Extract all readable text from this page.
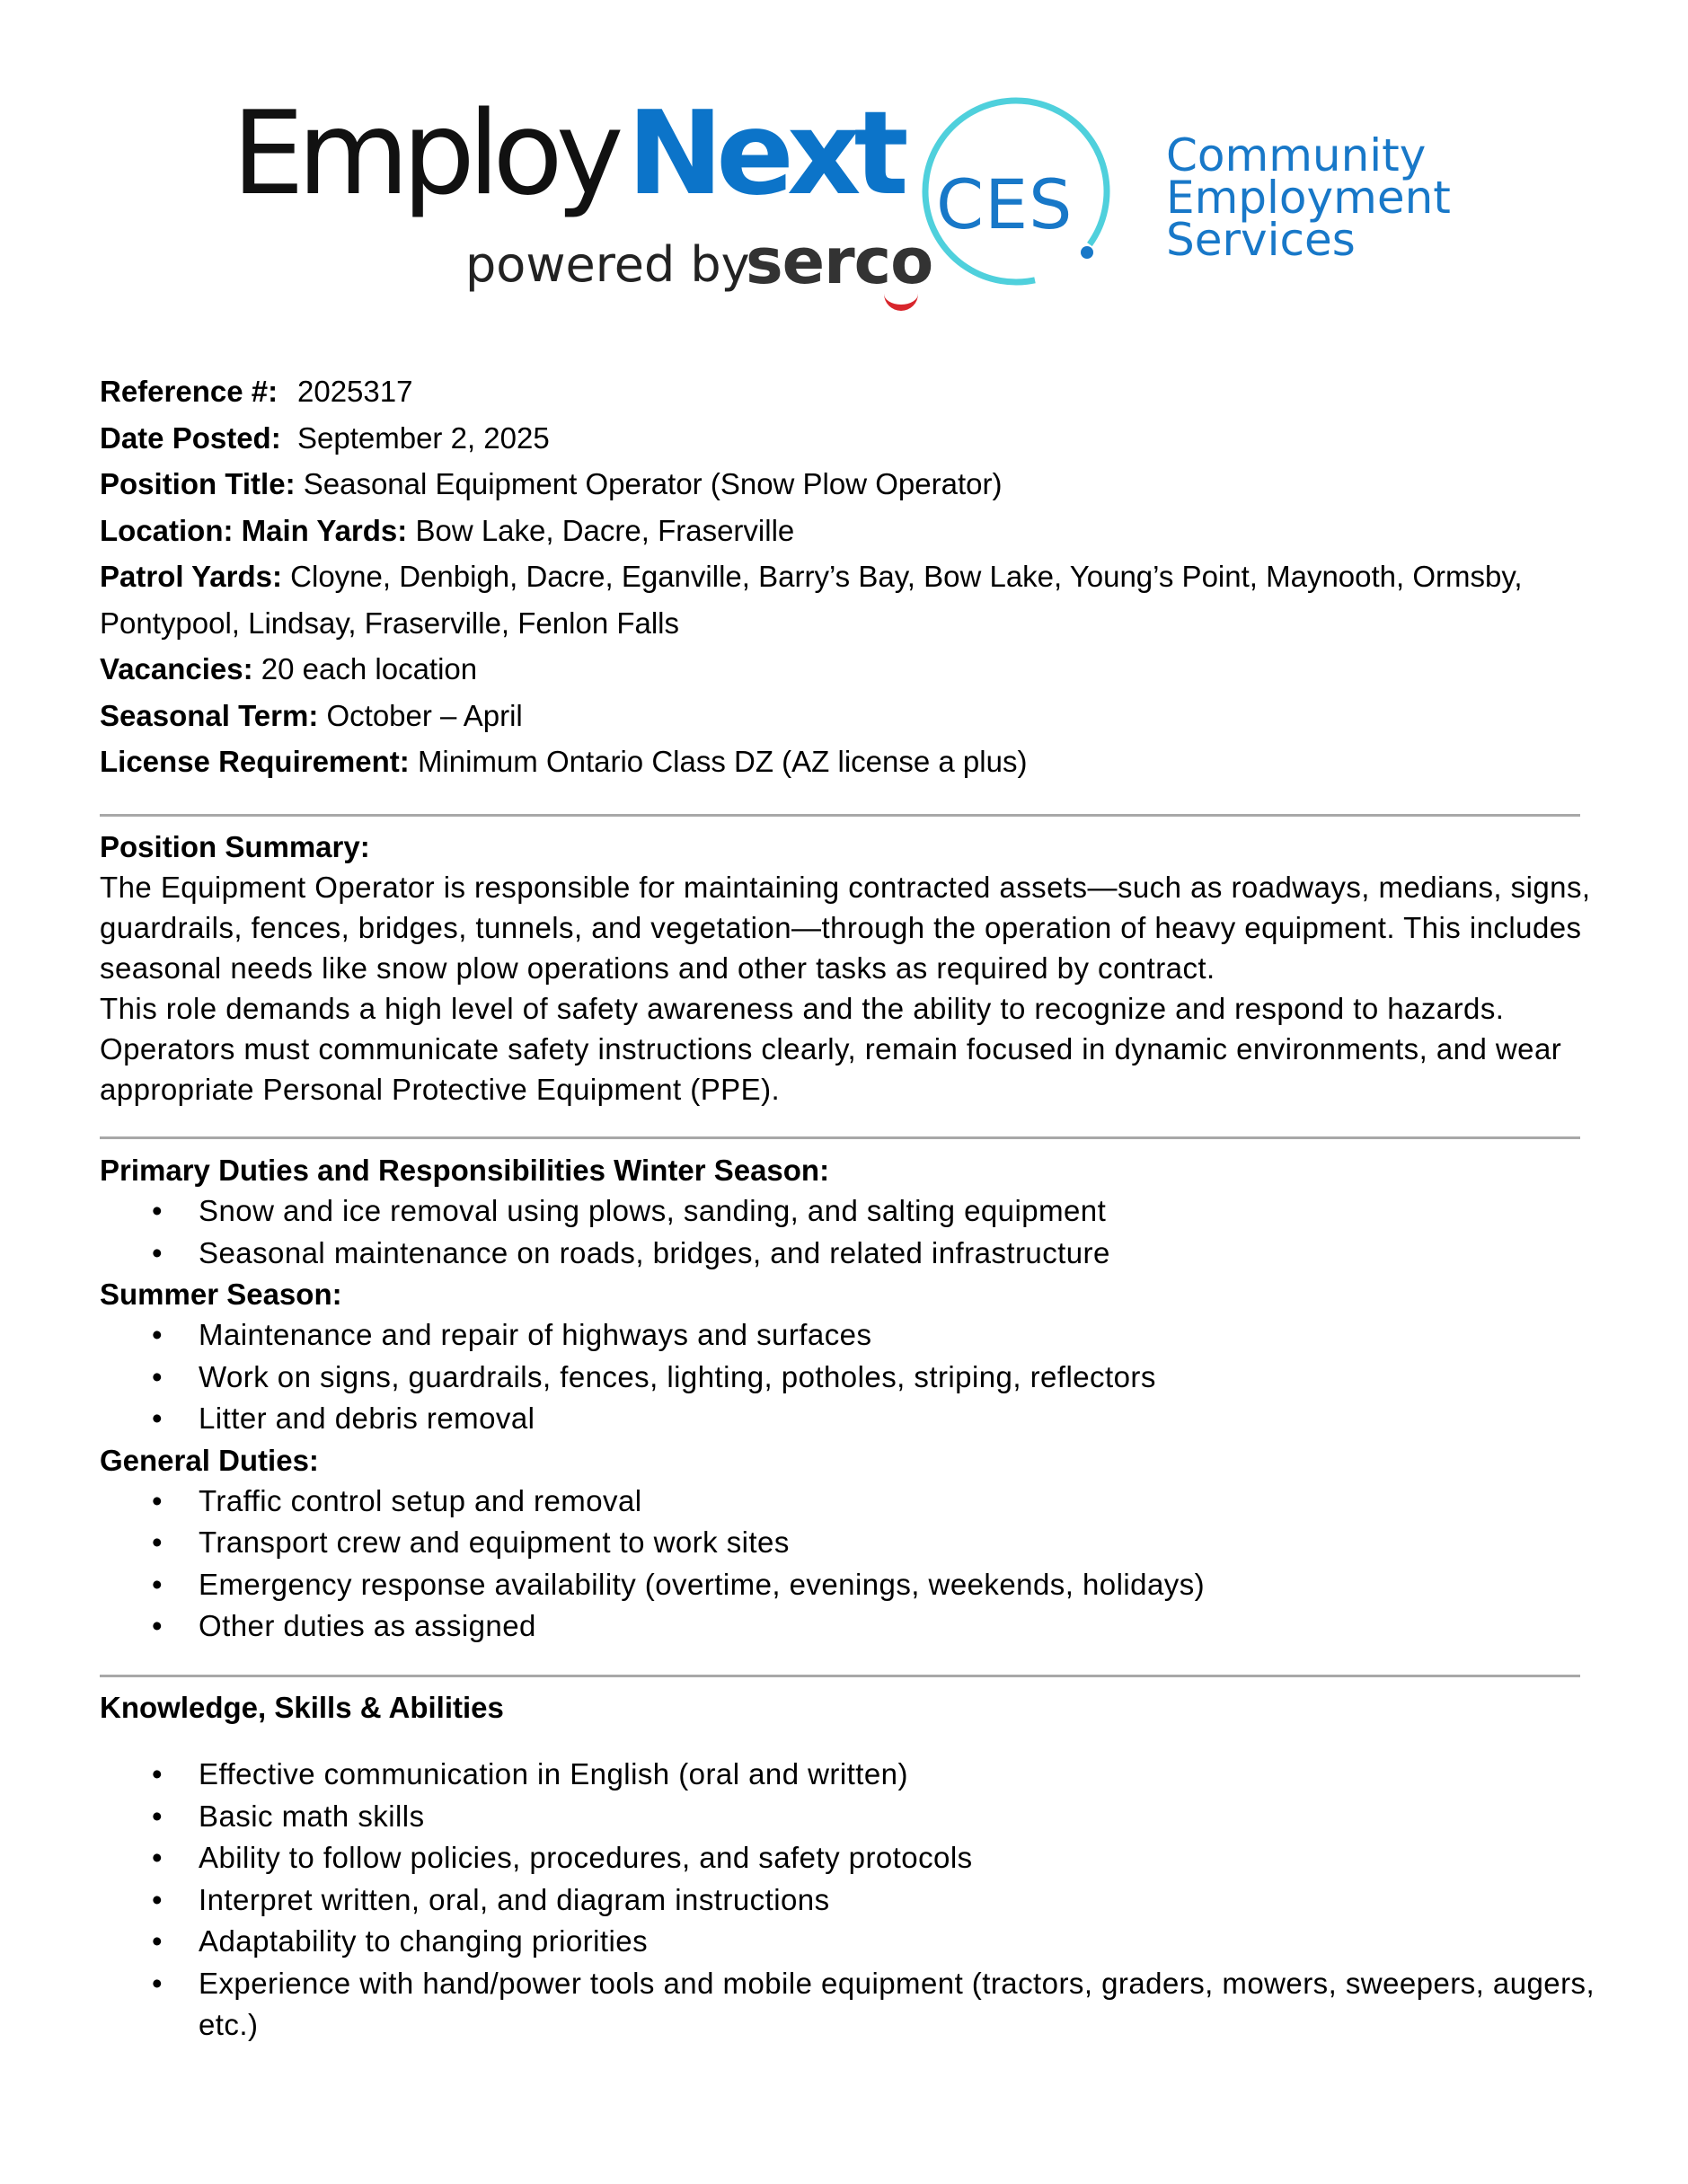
Employ Next
powered by
serco
CES
Community
Employment
Services
Reference #: 2025317
Date Posted: September 2, 2025
Position Title: Seasonal Equipment Operator (Snow Plow Operator)
Location: Main Yards: Bow Lake, Dacre, Fraserville
Patrol Yards: Cloyne, Denbigh, Dacre, Eganville, Barry’s Bay, Bow Lake, Young’s Point, Maynooth, Ormsby, Pontypool, Lindsay, Fraserville, Fenlon Falls
Vacancies: 20 each location
Seasonal Term: October – April
License Requirement: Minimum Ontario Class DZ (AZ license a plus)
Position Summary:

The Equipment Operator is responsible for maintaining contracted assets—such as roadways, medians, signs, guardrails, fences, bridges, tunnels, and vegetation—through the operation of heavy equipment. This includes seasonal needs like snow plow operations and other tasks as required by contract.

This role demands a high level of safety awareness and the ability to recognize and respond to hazards. Operators must communicate safety instructions clearly, remain focused in dynamic environments, and wear appropriate Personal Protective Equipment (PPE).

Primary Duties and Responsibilities Winter Season:
• Snow and ice removal using plows, sanding, and salting equipment
• Seasonal maintenance on roads, bridges, and related infrastructure
Summer Season:
• Maintenance and repair of highways and surfaces
• Work on signs, guardrails, fences, lighting, potholes, striping, reflectors
• Litter and debris removal
General Duties:
• Traffic control setup and removal
• Transport crew and equipment to work sites
• Emergency response availability (overtime, evenings, weekends, holidays)
• Other duties as assigned
Knowledge, Skills & Abilities
• Effective communication in English (oral and written)
• Basic math skills
• Ability to follow policies, procedures, and safety protocols
• Interpret written, oral, and diagram instructions
• Adaptability to changing priorities
• Experience with hand/power tools and mobile equipment (tractors, graders, mowers, sweepers, augers, etc.)
